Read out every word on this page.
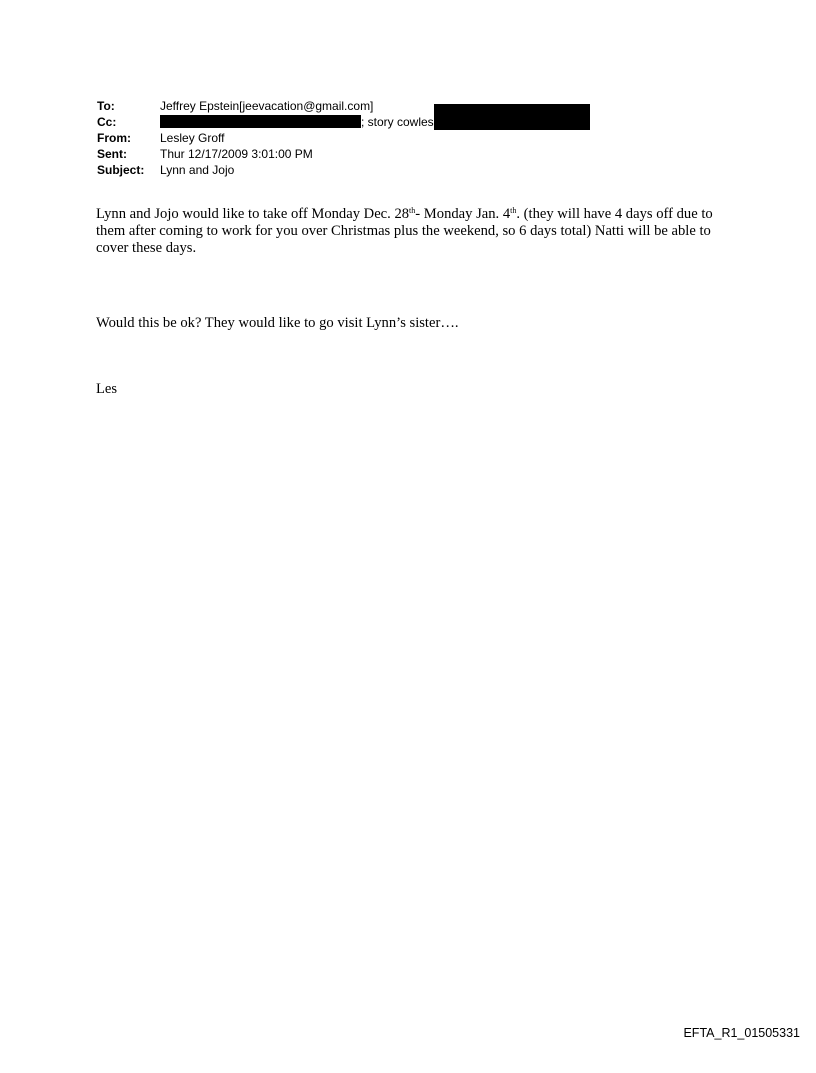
To:	Jeffrey Epstein[jeevacation@gmail.com]
Cc:	; story cowles
From:	Lesley Groff
Sent:	Thur 12/17/2009 3:01:00 PM
Subject:	Lynn and Jojo

Lynn and Jojo would like to take off Monday Dec. 28th- Monday Jan. 4th. (they will have 4 days off due to them after coming to work for you over Christmas plus the weekend, so 6 days total) Natti will be able to cover these days.

Would this be ok? They would like to go visit Lynn’s sister….

Les

EFTA_R1_01505331
